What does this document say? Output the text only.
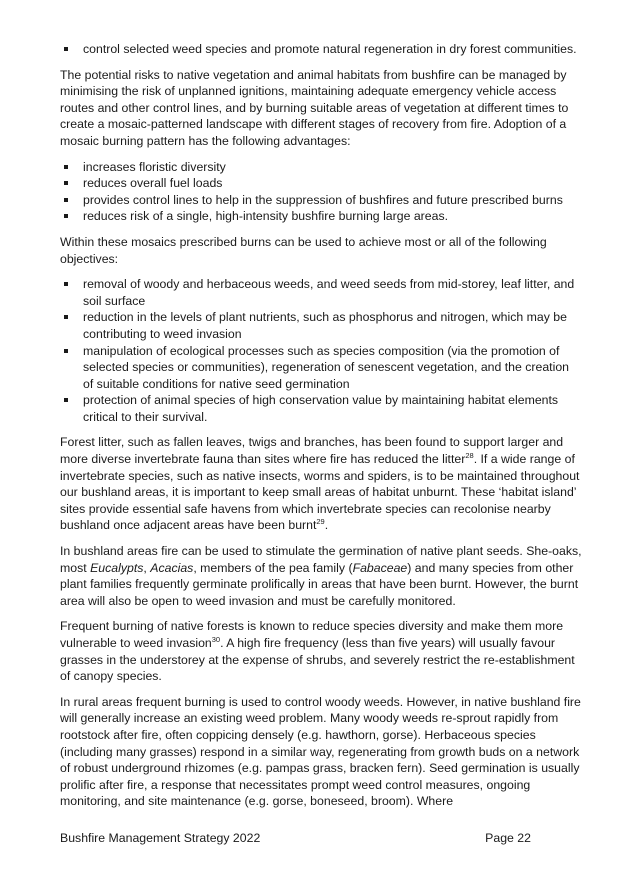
control selected weed species and promote natural regeneration in dry forest communities.

The potential risks to native vegetation and animal habitats from bushfire can be managed by minimising the risk of unplanned ignitions, maintaining adequate emergency vehicle access routes and other control lines, and by burning suitable areas of vegetation at different times to create a mosaic-patterned landscape with different stages of recovery from fire. Adoption of a mosaic burning pattern has the following advantages:

increases floristic diversity
reduces overall fuel loads
provides control lines to help in the suppression of bushfires and future prescribed burns
reduces risk of a single, high-intensity bushfire burning large areas.

Within these mosaics prescribed burns can be used to achieve most or all of the following objectives:

removal of woody and herbaceous weeds, and weed seeds from mid-storey, leaf litter, and soil surface
reduction in the levels of plant nutrients, such as phosphorus and nitrogen, which may be contributing to weed invasion
manipulation of ecological processes such as species composition (via the promotion of selected species or communities), regeneration of senescent vegetation, and the creation of suitable conditions for native seed germination
protection of animal species of high conservation value by maintaining habitat elements critical to their survival.

Forest litter, such as fallen leaves, twigs and branches, has been found to support larger and more diverse invertebrate fauna than sites where fire has reduced the litter$^{28}$. If a wide range of invertebrate species, such as native insects, worms and spiders, is to be maintained throughout our bushland areas, it is important to keep small areas of habitat unburnt. These ‘habitat island’ sites provide essential safe havens from which invertebrate species can recolonise nearby bushland once adjacent areas have been burnt$^{29}$.

In bushland areas fire can be used to stimulate the germination of native plant seeds. She-oaks, most Eucalypts, Acacias, members of the pea family (Fabaceae) and many species from other plant families frequently germinate prolifically in areas that have been burnt. However, the burnt area will also be open to weed invasion and must be carefully monitored.

Frequent burning of native forests is known to reduce species diversity and make them more vulnerable to weed invasion$^{30}$. A high fire frequency (less than five years) will usually favour grasses in the understorey at the expense of shrubs, and severely restrict the re-establishment of canopy species.

In rural areas frequent burning is used to control woody weeds. However, in native bushland fire will generally increase an existing weed problem. Many woody weeds re-sprout rapidly from rootstock after fire, often coppicing densely (e.g. hawthorn, gorse). Herbaceous species (including many grasses) respond in a similar way, regenerating from growth buds on a network of robust underground rhizomes (e.g. pampas grass, bracken fern). Seed germination is usually prolific after fire, a response that necessitates prompt weed control measures, ongoing monitoring, and site maintenance (e.g. gorse, boneseed, broom). Where

Bushfire Management Strategy 2022	Page 22
